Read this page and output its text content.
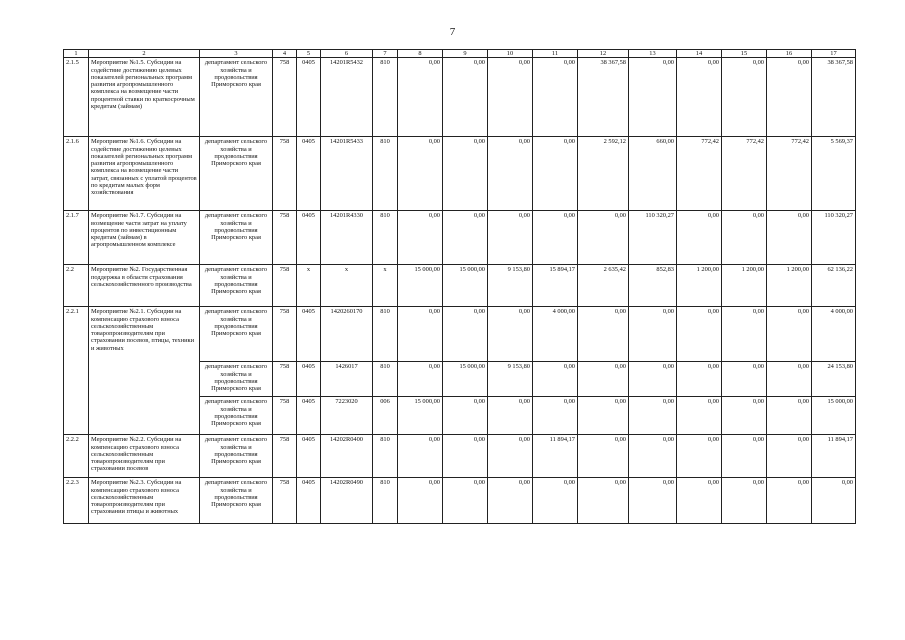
7
1	2	3	4	5	6	7	8	9	10	11	12	13	14	15	16	17
2.1.5	Мероприятие №1.5. Субсидии на содействие достижению целевых показателей региональных программ развития агропромышленного комплекса на возмещение части процентной ставки по краткосрочным кредитам (займам)	департамент сельского хозяйства и продовольствия Приморского края	758	0405	14201R5432	810	0,00	0,00	0,00	0,00	38 367,58	0,00	0,00	0,00	0,00	38 367,58
2.1.6	Мероприятие №1.6. Субсидии на содействие достижению целевых показателей региональных программ развития агропромышленного комплекса на возмещение части затрат, связанных с уплатой процентов по кредитам малых форм хозяйствования	департамент сельского хозяйства и продовольствия Приморского края	758	0405	14201R5433	810	0,00	0,00	0,00	0,00	2 592,12	660,00	772,42	772,42	772,42	5 569,37
2.1.7	Мероприятие №1.7. Субсидии на возмещение части затрат на уплату процентов по инвестиционным кредитам (займам) в агропромышленном комплексе	департамент сельского хозяйства и продовольствия Приморского края	758	0405	14201R4330	810	0,00	0,00	0,00	0,00	0,00	110 320,27	0,00	0,00	0,00	110 320,27
2.2	Мероприятие №2. Государственная поддержка в области страхования сельскохозяйственного производства	департамент сельского хозяйства и продовольствия Приморского края	758	x	x	x	15 000,00	15 000,00	9 153,80	15 894,17	2 635,42	852,83	1 200,00	1 200,00	1 200,00	62 136,22
2.2.1	Мероприятие №2.1. Субсидии на компенсацию страхового взноса сельскохозяйственным товаропроизводителям при страховании посевов, птицы, техники и животных	департамент сельского хозяйства и продовольствия Приморского края	758	0405	1420260170	810	0,00	0,00	0,00	4 000,00	0,00	0,00	0,00	0,00	0,00	4 000,00
		департамент сельского хозяйства и продовольствия Приморского края	758	0405	1426017	810	0,00	15 000,00	9 153,80	0,00	0,00	0,00	0,00	0,00	0,00	24 153,80
		департамент сельского хозяйства и продовольствия Приморского края	758	0405	7223020	006	15 000,00	0,00	0,00	0,00	0,00	0,00	0,00	0,00	0,00	15 000,00
2.2.2	Мероприятие №2.2. Субсидии на компенсацию страхового взноса сельскохозяйственным товаропроизводителям при страховании посевов	департамент сельского хозяйства и продовольствия Приморского края	758	0405	14202R0400	810	0,00	0,00	0,00	11 894,17	0,00	0,00	0,00	0,00	0,00	11 894,17
2.2.3	Мероприятие №2.3. Субсидии на компенсацию страхового взноса сельскохозяйственным товаропроизводителям при страховании птицы и животных	департамент сельского хозяйства и продовольствия Приморского края	758	0405	14202R0490	810	0,00	0,00	0,00	0,00	0,00	0,00	0,00	0,00	0,00	0,00
